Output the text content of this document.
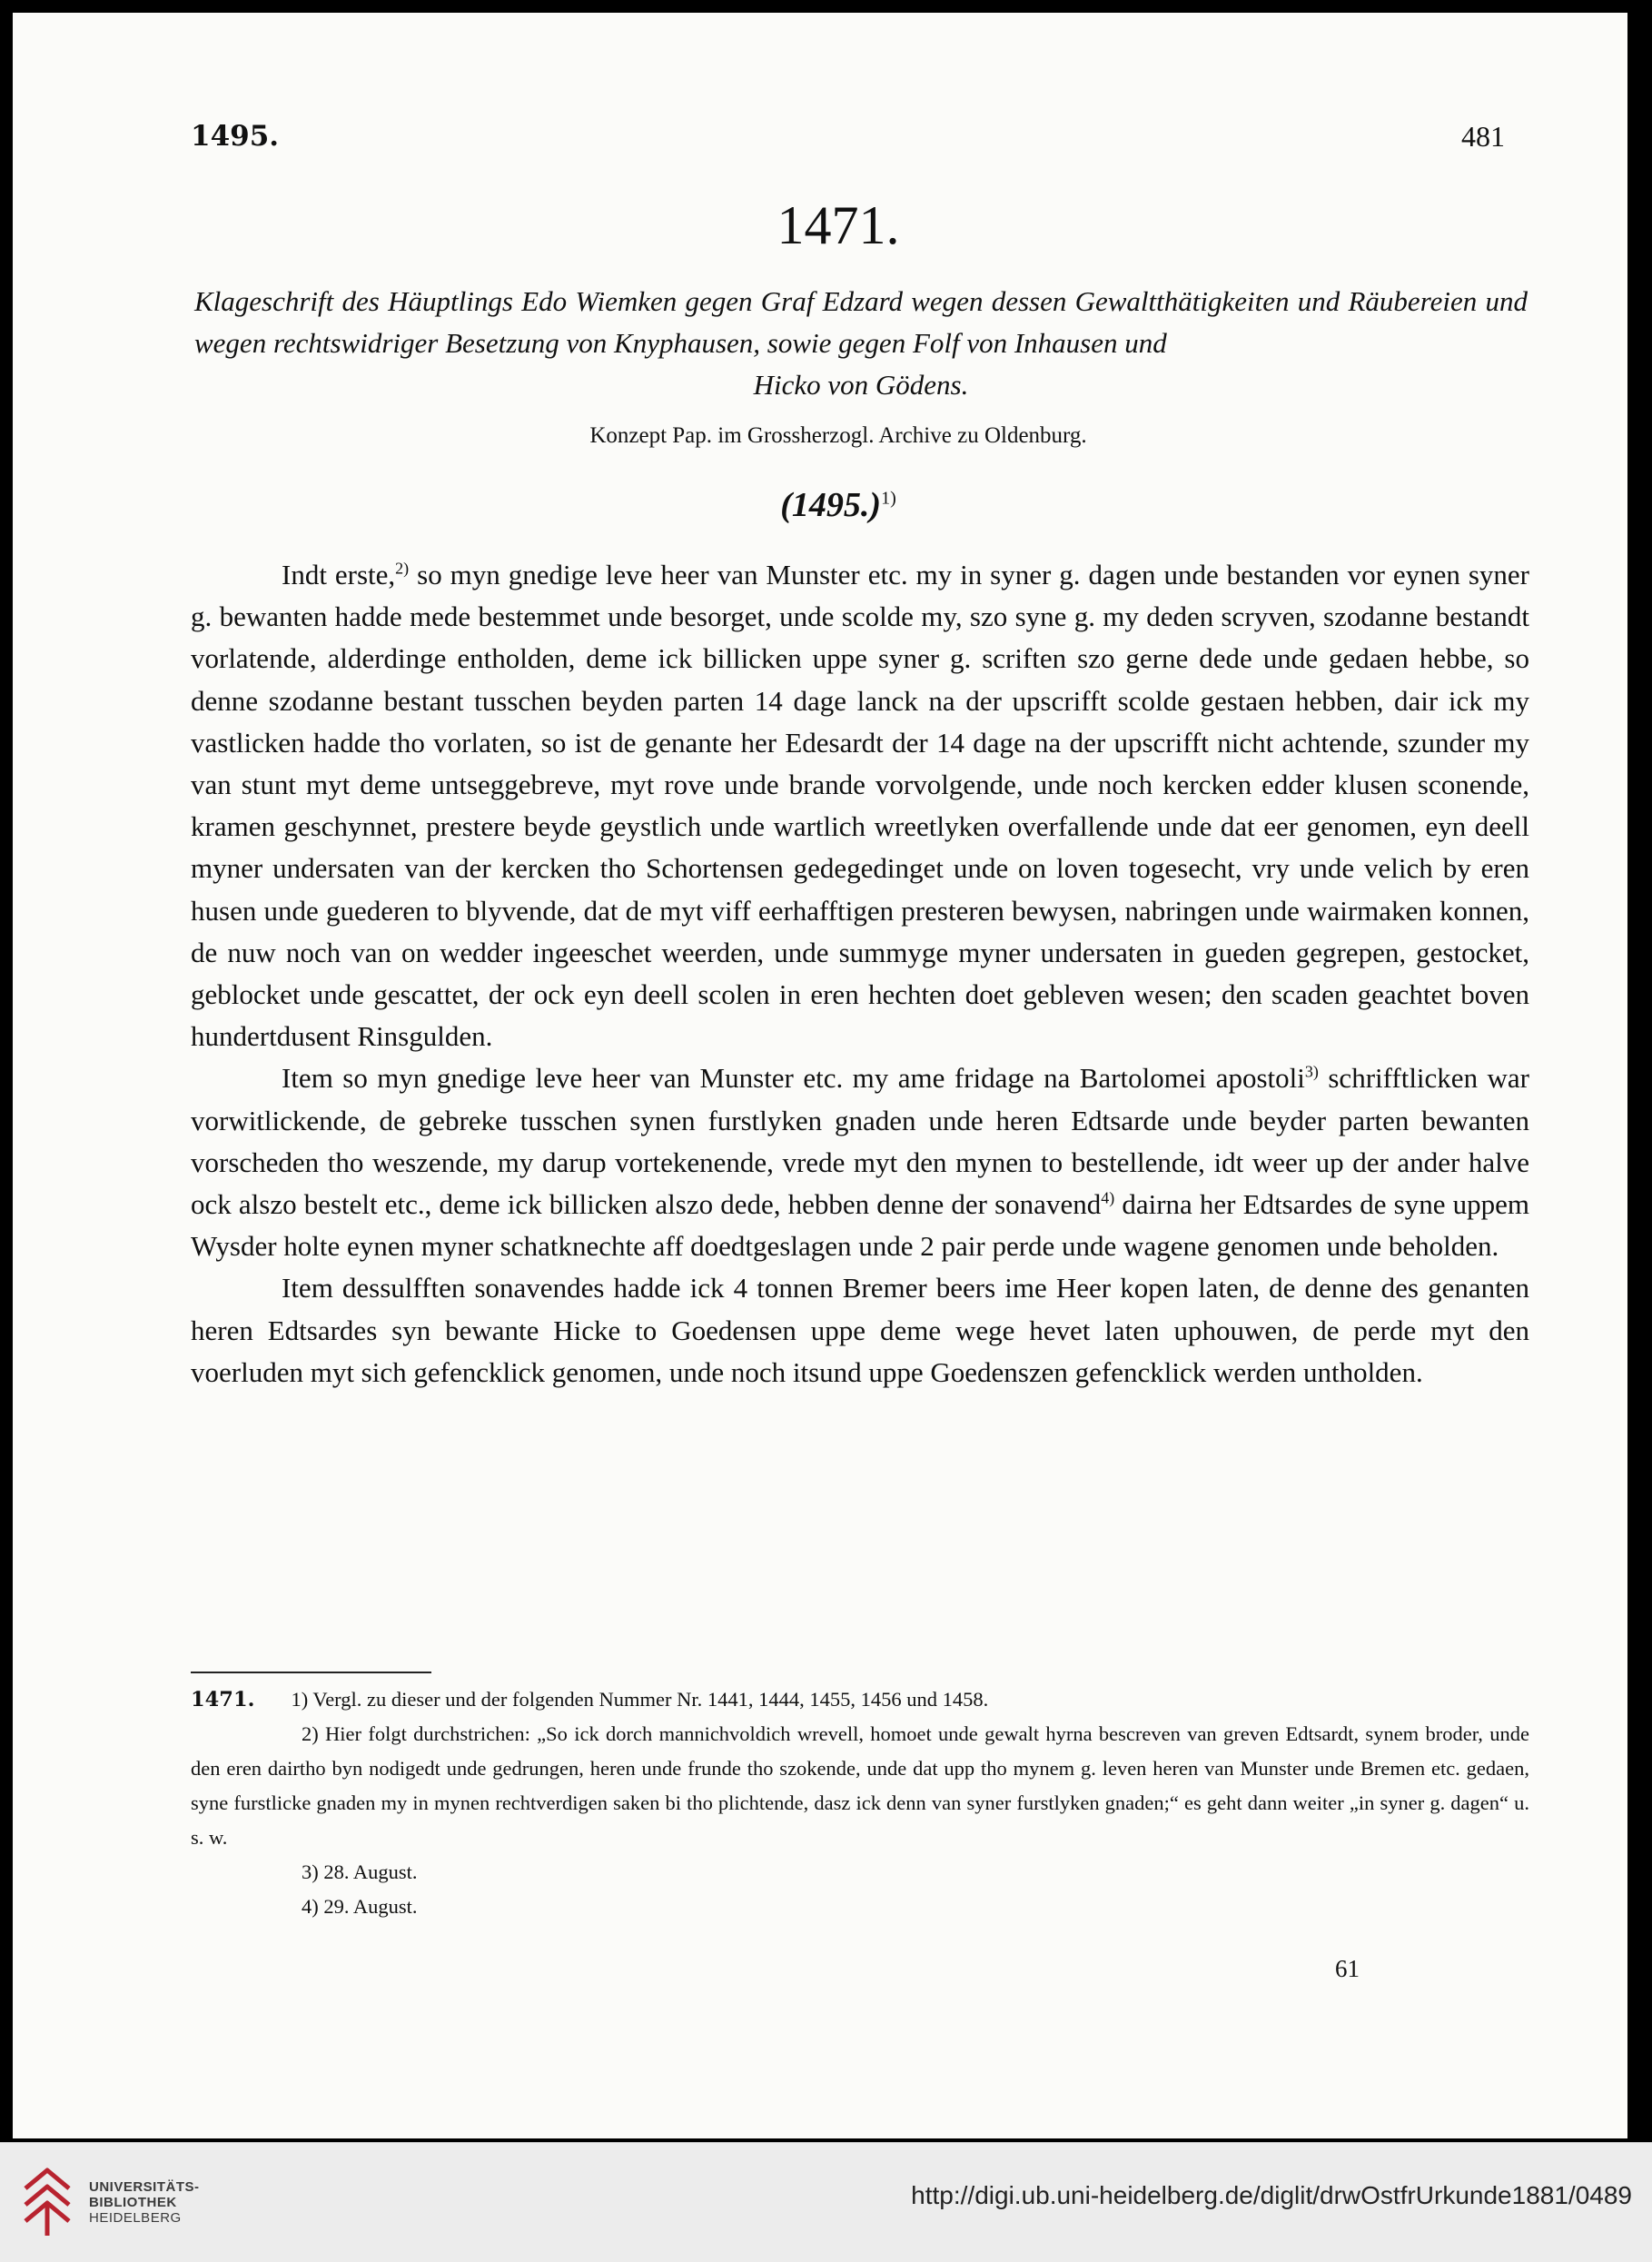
1495.	481
1471.
Klageschrift des Häuptlings Edo Wiemken gegen Graf Edzard wegen dessen Gewaltthätigkeiten und Räubereien und wegen rechtswidriger Besetzung von Knyphausen, sowie gegen Folf von Inhausen und
Hicko von Gödens.
Konzept Pap. im Grossherzogl. Archive zu Oldenburg.
$(1495.)^{1)}$

Indt erste,$^{2)}$ so myn gnedige leve heer van Munster etc. my in syner g. dagen unde bestanden vor eynen syner g. bewanten hadde mede bestemmet unde besorget, unde scolde my, szo syne g. my deden scryven, szodanne bestandt vorlatende, alderdinge entholden, deme ick billicken uppe syner g. scriften szo gerne dede unde gedaen hebbe, so denne szodanne bestant tusschen beyden parten 14 dage lanck na der upscrifft scolde gestaen hebben, dair ick my vastlicken hadde tho vorlaten, so ist de genante her Edesardt der 14 dage na der upscrifft nicht achtende, szunder my van stunt myt deme untseggebreve, myt rove unde brande vorvolgende, unde noch kercken edder klusen sconende, kramen geschynnet, prestere beyde geystlich unde wartlich wreetlyken overfallende unde dat eer genomen, eyn deell myner undersaten van der kercken tho Schortensen gedegedinget unde on loven togesecht, vry unde velich by eren husen unde guederen to blyvende, dat de myt viff eerhafftigen presteren bewysen, nabringen unde wairmaken konnen, de nuw noch van on wedder ingeeschet weerden, unde summyge myner undersaten in gueden gegrepen, gestocket, geblocket unde gescattet, der ock eyn deell scolen in eren hechten doet gebleven wesen; den scaden geachtet boven hundertdusent Rinsgulden.

Item so myn gnedige leve heer van Munster etc. my ame fridage na Bartolomei apostoli$^{3)}$ schrifftlicken war vorwitlickende, de gebreke tusschen synen furstlyken gnaden unde heren Edtsarde unde beyder parten bewanten vorscheden tho weszende, my darup vortekenende, vrede myt den mynen to bestellende, idt weer up der ander halve ock alszo bestelt etc., deme ick billicken alszo dede, hebben denne der sonavend$^{4)}$ dairna her Edtsardes de syne uppem Wysder holte eynen myner schatknechte aff doedtgeslagen unde 2 pair perde unde wagene genomen unde beholden.

Item dessulfften sonavendes hadde ick 4 tonnen Bremer beers ime Heer kopen laten, de denne des genanten heren Edtsardes syn bewante Hicke to Goedensen uppe deme wege hevet laten uphouwen, de perde myt den voerluden myt sich gefencklick genomen, unde noch itsund uppe Goedenszen gefencklick werden untholden.

1471. 1) Vergl. zu dieser und der folgenden Nummer Nr. 1441, 1444, 1455, 1456 und 1458.

2) Hier folgt durchstrichen: „So ick dorch mannichvoldich wrevell, homoet unde gewalt hyrna bescreven van greven Edtsardt, synem broder, unde den eren dairtho byn nodigedt unde gedrungen, heren unde frunde tho szokende, unde dat upp tho mynem g. leven heren van Munster unde Bremen etc. gedaen, syne furstlicke gnaden my in mynen rechtverdigen saken bi tho plichtende, dasz ick denn van syner furstlyken gnaden;“ es geht dann weiter „in syner g. dagen“ u. s. w.

3) 28. August.

4) 29. August.

61
UNIVERSITÄTS-
BIBLIOTHEK
HEIDELBERG
http://digi.ub.uni-heidelberg.de/diglit/drwOstfrUrkunde1881/0489
